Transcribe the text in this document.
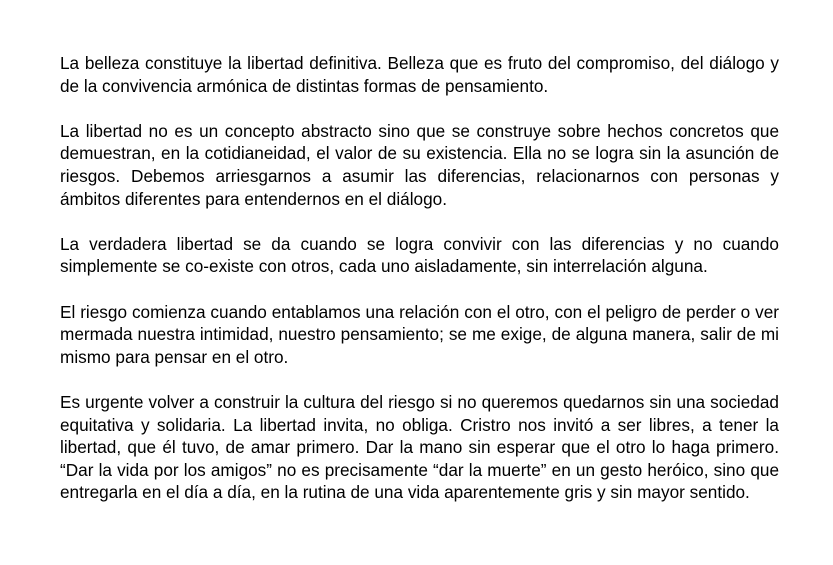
La belleza constituye la libertad definitiva. Belleza que es fruto del compromiso, del diálogo y de la convivencia armónica de distintas formas de pensamiento.

La libertad no es un concepto abstracto sino que se construye sobre hechos concretos que demuestran, en la cotidianeidad, el valor de su existencia. Ella no se logra sin la asunción de riesgos. Debemos arriesgarnos a asumir las diferencias, relacionarnos con personas y ámbitos diferentes para entendernos en el diálogo.

La verdadera libertad se da cuando se logra convivir con las diferencias y no cuando simplemente se co-existe con otros, cada uno aisladamente, sin interrelación alguna.

El riesgo comienza cuando entablamos una relación con el otro, con el peligro de perder o ver mermada nuestra intimidad, nuestro pensamiento; se me exige, de alguna manera, salir de mi mismo para pensar en el otro.

Es urgente volver a construir la cultura del riesgo si no queremos quedarnos sin una sociedad equitativa y solidaria. La libertad invita, no obliga. Cristro nos invitó a ser libres, a tener la libertad, que él tuvo, de amar primero. Dar la mano sin esperar que el otro lo haga primero. “Dar la vida por los amigos” no es precisamente “dar la muerte” en un gesto heróico, sino que entregarla en el día a día, en la rutina de una vida aparentemente gris y sin mayor sentido.
